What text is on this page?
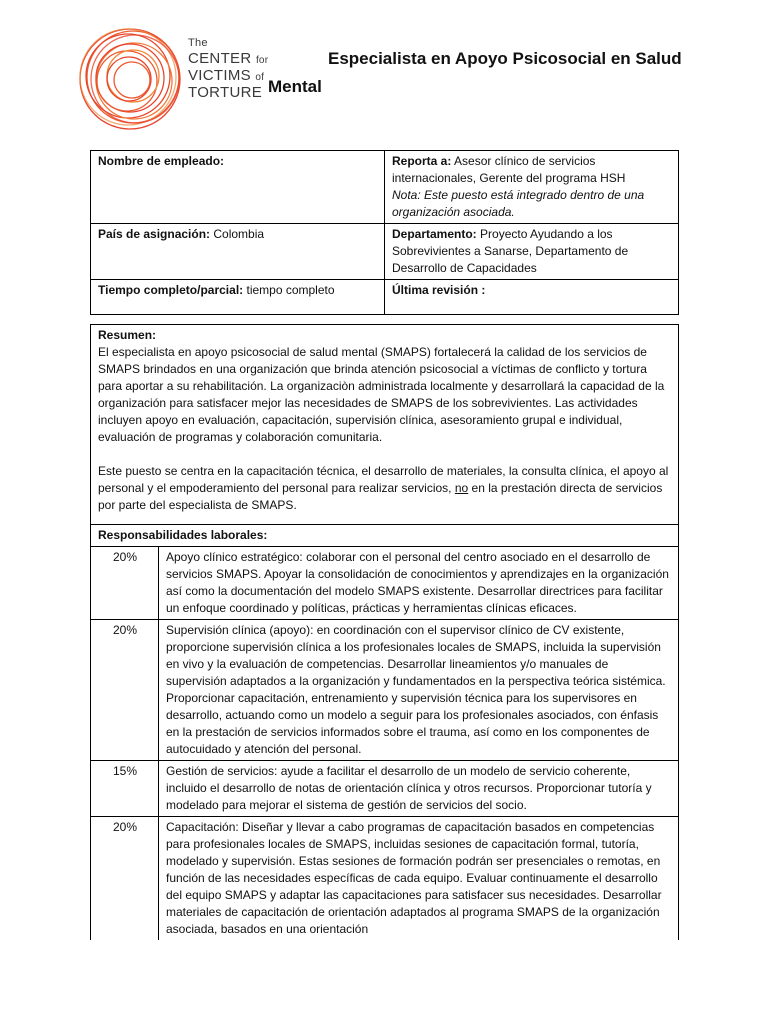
The
CENTER for
VICTIMS of
TORTURE
Especialista en Apoyo Psicosocial en Salud
Mental
Nombre de empleado:	Reporta a: Asesor clínico de servicios internacionales, Gerente del programa HSH
Nota: Este puesto está integrado dentro de una organización asociada.
País de asignación: Colombia	Departamento: Proyecto Ayudando a los Sobrevivientes a Sanarse, Departamento de Desarrollo de Capacidades
Tiempo completo/parcial: tiempo completo	Última revisión :
Resumen:
El especialista en apoyo psicosocial de salud mental (SMAPS) fortalecerá la calidad de los servicios de SMAPS brindados en una organización que brinda atención psicosocial a víctimas de conflicto y tortura para aportar a su rehabilitación. La organizaciòn administrada localmente y desarrollará la capacidad de la organización para satisfacer mejor las necesidades de SMAPS de los sobrevivientes. Las actividades incluyen apoyo en evaluación, capacitación, supervisión clínica, asesoramiento grupal e individual, evaluación de programas y colaboración comunitaria.
Este puesto se centra en la capacitación técnica, el desarrollo de materiales, la consulta clínica, el apoyo al personal y el empoderamiento del personal para realizar servicios, no en la prestación directa de servicios por parte del especialista de SMAPS.	

Responsabilidades laborales:	
20%	Apoyo clínico estratégico: colaborar con el personal del centro asociado en el desarrollo de servicios SMAPS. Apoyar la consolidación de conocimientos y aprendizajes en la organización así como la documentación del modelo SMAPS existente. Desarrollar directrices para facilitar un enfoque coordinado y políticas, prácticas y herramientas clínicas eficaces.
20%	Supervisión clínica (apoyo): en coordinación con el supervisor clínico de CV existente, proporcione supervisión clínica a los profesionales locales de SMAPS, incluida la supervisión en vivo y la evaluación de competencias. Desarrollar lineamientos y/o manuales de supervisión adaptados a la organización y fundamentados en la perspectiva teórica sistémica. Proporcionar capacitación, entrenamiento y supervisión técnica para los supervisores en desarrollo, actuando como un modelo a seguir para los profesionales asociados, con énfasis en la prestación de servicios informados sobre el trauma, así como en los componentes de autocuidado y atención del personal.
15%	Gestión de servicios: ayude a facilitar el desarrollo de un modelo de servicio coherente, incluido el desarrollo de notas de orientación clínica y otros recursos. Proporcionar tutoría y modelado para mejorar el sistema de gestión de servicios del socio.
20%	Capacitación: Diseñar y llevar a cabo programas de capacitación basados en competencias para profesionales locales de SMAPS, incluidas sesiones de capacitación formal, tutoría, modelado y supervisión. Estas sesiones de formación podrán ser presenciales o remotas, en función de las necesidades específicas de cada equipo. Evaluar continuamente el desarrollo del equipo SMAPS y adaptar las capacitaciones para satisfacer sus necesidades. Desarrollar materiales de capacitación de orientación adaptados al programa SMAPS de la organización asociada, basados en una orientación
